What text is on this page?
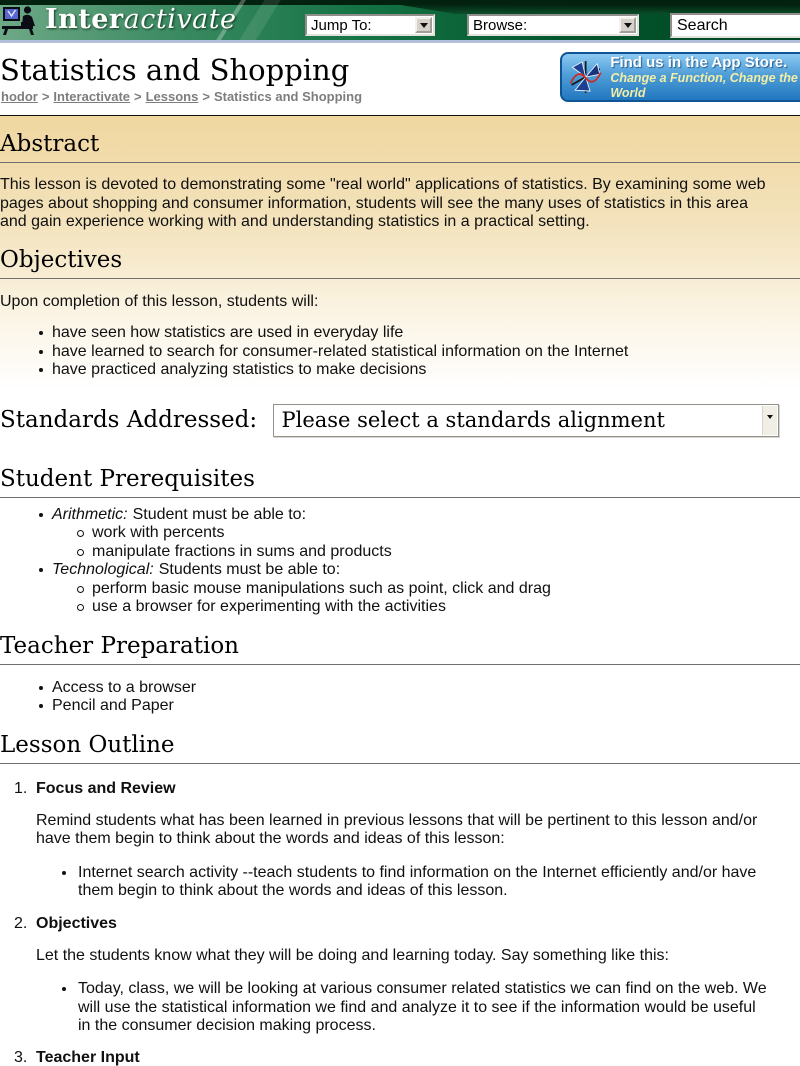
Interactivate	Jump To:	Browse:
Search
Statistics and Shopping
hodor > Interactivate > Lessons > Statistics and Shopping
Find us in the App Store.
Change a Function, Change the World
Abstract
This lesson is devoted to demonstrating some "real world" applications of statistics. By examining some web
pages about shopping and consumer information, students will see the many uses of statistics in this area
and gain experience working with and understanding statistics in a practical setting.
Objectives

Upon completion of this lesson, students will:

have seen how statistics are used in everyday life
have learned to search for consumer-related statistical information on the Internet
have practiced analyzing statistics to make decisions
Standards Addressed: Please select a standards alignment
Student Prerequisites
Arithmetic: Student must be able to:
work with percents
manipulate fractions in sums and products
Technological: Students must be able to:
perform basic mouse manipulations such as point, click and drag
use a browser for experimenting with the activities
Teacher Preparation
Access to a browser
Pencil and Paper
Lesson Outline
1. Focus and Review
Remind students what has been learned in previous lessons that will be pertinent to this lesson and/or
have them begin to think about the words and ideas of this lesson:
Internet search activity --teach students to find information on the Internet efficiently and/or have
them begin to think about the words and ideas of this lesson.
2. Objectives
Let the students know what they will be doing and learning today. Say something like this:
Today, class, we will be looking at various consumer related statistics we can find on the web. We
will use the statistical information we find and analyze it to see if the information would be useful
in the consumer decision making process.
3. Teacher Input
